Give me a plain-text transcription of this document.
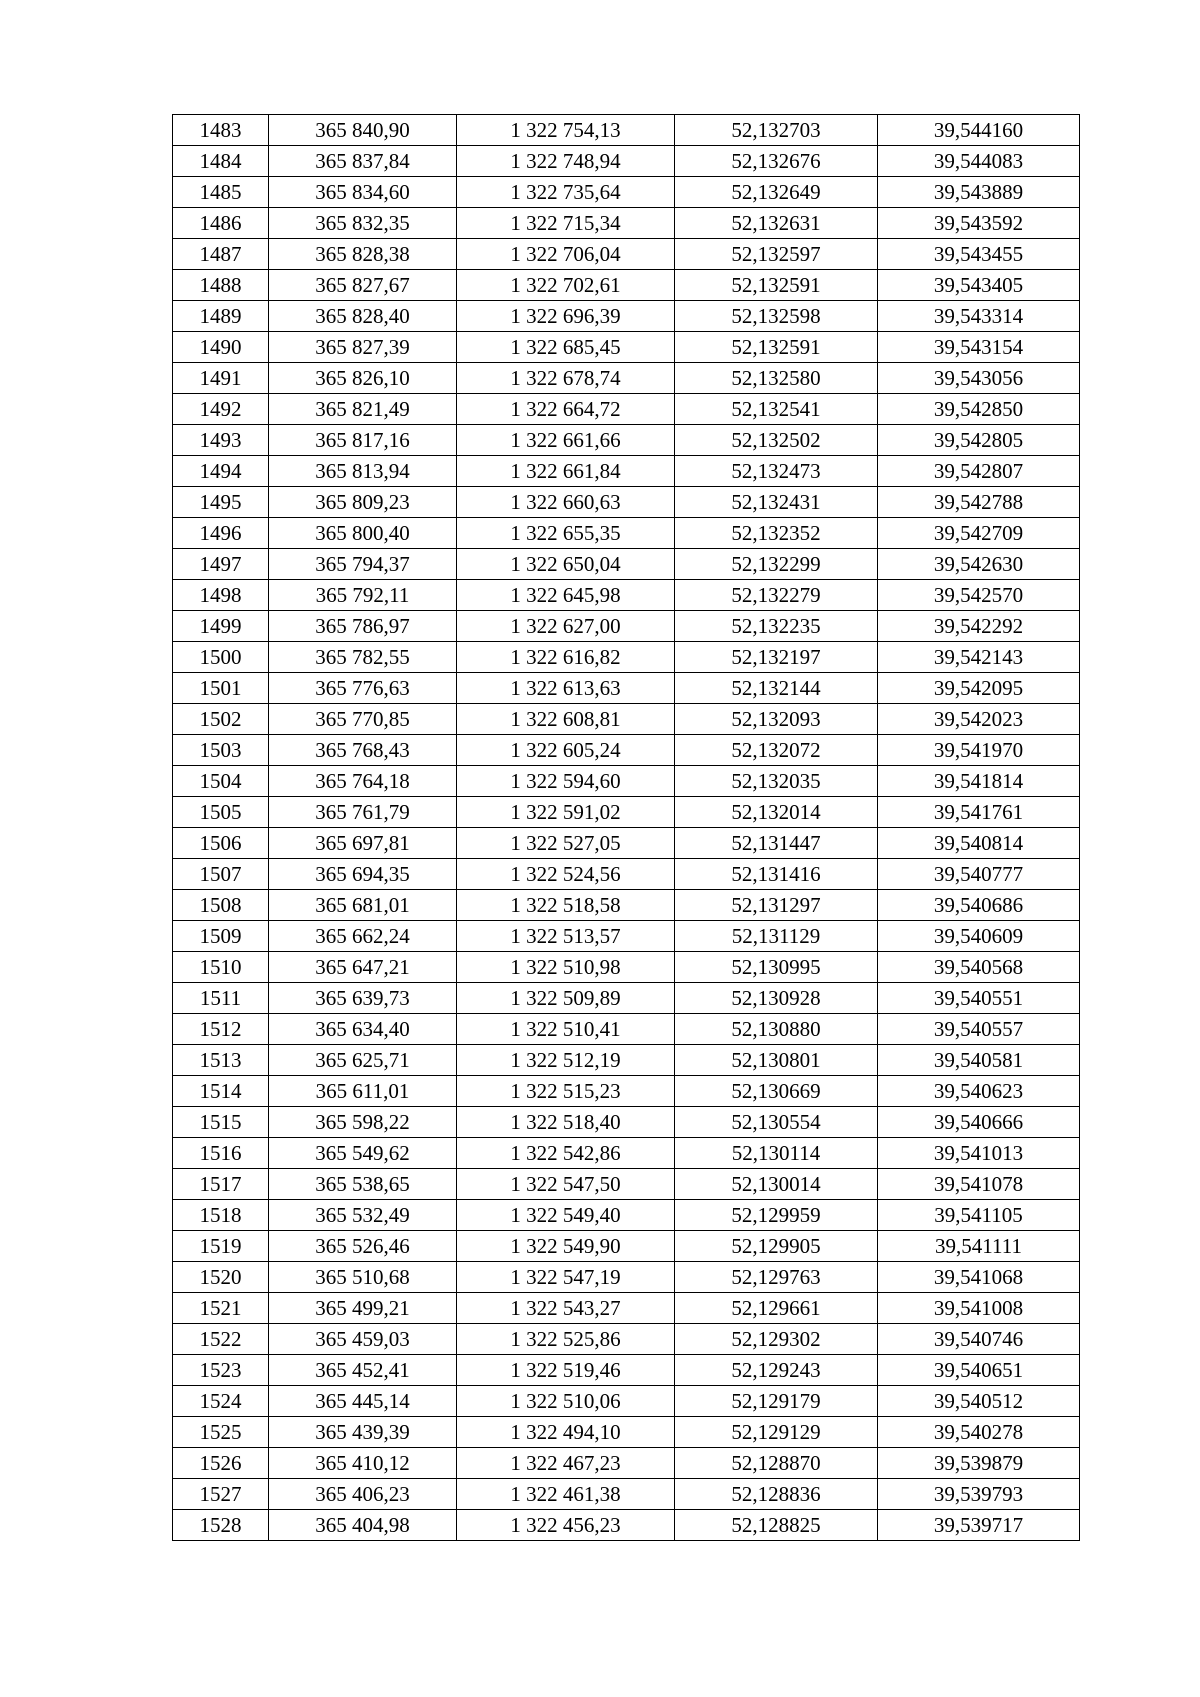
1483	365 840,90	1 322 754,13	52,132703	39,544160
1484	365 837,84	1 322 748,94	52,132676	39,544083
1485	365 834,60	1 322 735,64	52,132649	39,543889
1486	365 832,35	1 322 715,34	52,132631	39,543592
1487	365 828,38	1 322 706,04	52,132597	39,543455
1488	365 827,67	1 322 702,61	52,132591	39,543405
1489	365 828,40	1 322 696,39	52,132598	39,543314
1490	365 827,39	1 322 685,45	52,132591	39,543154
1491	365 826,10	1 322 678,74	52,132580	39,543056
1492	365 821,49	1 322 664,72	52,132541	39,542850
1493	365 817,16	1 322 661,66	52,132502	39,542805
1494	365 813,94	1 322 661,84	52,132473	39,542807
1495	365 809,23	1 322 660,63	52,132431	39,542788
1496	365 800,40	1 322 655,35	52,132352	39,542709
1497	365 794,37	1 322 650,04	52,132299	39,542630
1498	365 792,11	1 322 645,98	52,132279	39,542570
1499	365 786,97	1 322 627,00	52,132235	39,542292
1500	365 782,55	1 322 616,82	52,132197	39,542143
1501	365 776,63	1 322 613,63	52,132144	39,542095
1502	365 770,85	1 322 608,81	52,132093	39,542023
1503	365 768,43	1 322 605,24	52,132072	39,541970
1504	365 764,18	1 322 594,60	52,132035	39,541814
1505	365 761,79	1 322 591,02	52,132014	39,541761
1506	365 697,81	1 322 527,05	52,131447	39,540814
1507	365 694,35	1 322 524,56	52,131416	39,540777
1508	365 681,01	1 322 518,58	52,131297	39,540686
1509	365 662,24	1 322 513,57	52,131129	39,540609
1510	365 647,21	1 322 510,98	52,130995	39,540568
1511	365 639,73	1 322 509,89	52,130928	39,540551
1512	365 634,40	1 322 510,41	52,130880	39,540557
1513	365 625,71	1 322 512,19	52,130801	39,540581
1514	365 611,01	1 322 515,23	52,130669	39,540623
1515	365 598,22	1 322 518,40	52,130554	39,540666
1516	365 549,62	1 322 542,86	52,130114	39,541013
1517	365 538,65	1 322 547,50	52,130014	39,541078
1518	365 532,49	1 322 549,40	52,129959	39,541105
1519	365 526,46	1 322 549,90	52,129905	39,541111
1520	365 510,68	1 322 547,19	52,129763	39,541068
1521	365 499,21	1 322 543,27	52,129661	39,541008
1522	365 459,03	1 322 525,86	52,129302	39,540746
1523	365 452,41	1 322 519,46	52,129243	39,540651
1524	365 445,14	1 322 510,06	52,129179	39,540512
1525	365 439,39	1 322 494,10	52,129129	39,540278
1526	365 410,12	1 322 467,23	52,128870	39,539879
1527	365 406,23	1 322 461,38	52,128836	39,539793
1528	365 404,98	1 322 456,23	52,128825	39,539717
